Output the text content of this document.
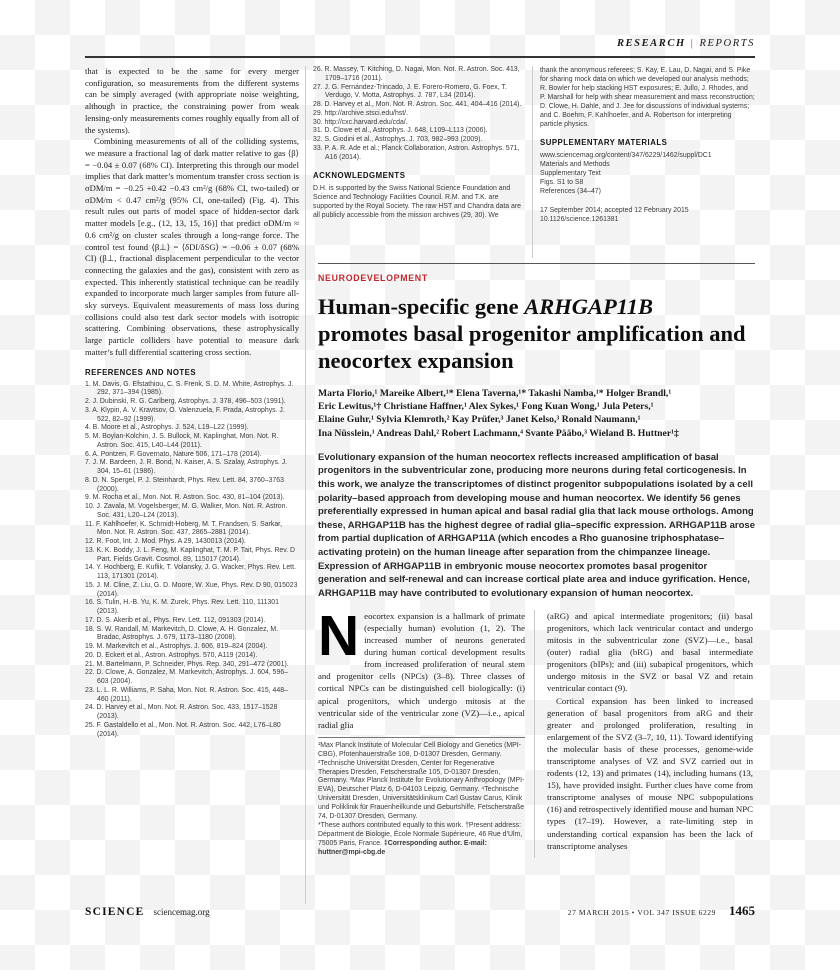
RESEARCH | REPORTS

that is expected to be the same for every merger configuration, so measurements from the different systems can be simply averaged (with appropriate noise weighting, although in practice, the constraining power from weak lensing-only measurements comes roughly equally from all of the systems).

Combining measurements of all of the colliding systems, we measure a fractional lag of dark matter relative to gas ⟨β⟩ = −0.04 ± 0.07 (68% CI). Interpreting this through our model implies that dark matter’s momentum transfer cross section is σDM/m = −0.25 +0.42 −0.43 cm²/g (68% CI, two-tailed) or σDM/m < 0.47 cm²/g (95% CI, one-tailed) (Fig. 4). This result rules out parts of model space of hidden-sector dark matter models [e.g., (12, 13, 15, 16)] that predict σDM/m ≈ 0.6 cm²/g on cluster scales through a long-range force. The control test found ⟨β⊥⟩ = ⟨δDI/δSG⟩ = −0.06 ± 0.07 (68% CI) (β⊥, fractional displacement perpendicular to the vector connecting the galaxies and the gas), consistent with zero as expected. This inherently statistical technique can be readily expanded to incorporate much larger samples from future all-sky surveys. Equivalent measurements of mass loss during collisions could also test dark sector models with isotropic scattering. Combining observations, these astrophysically large particle colliders have potential to measure dark matter’s full differential scattering cross section.

REFERENCES AND NOTES
1. M. Davis, G. Efstathiou, C. S. Frenk, S. D. M. White, Astrophys. J. 292, 371–394 (1985).
2. J. Dubinski, R. G. Carlberg, Astrophys. J. 378, 496–503 (1991).
3. A. Klypin, A. V. Kravtsov, O. Valenzuela, F. Prada, Astrophys. J. 522, 82–92 (1999).
4. B. Moore et al., Astrophys. J. 524, L19–L22 (1999).
5. M. Boylan-Kolchin, J. S. Bullock, M. Kaplinghat, Mon. Not. R. Astron. Soc. 415, L40–L44 (2011).
6. A. Pontzen, F. Governato, Nature 506, 171–178 (2014).
7. J. M. Bardeen, J. R. Bond, N. Kaiser, A. S. Szalay, Astrophys. J. 304, 15–61 (1986).
8. D. N. Spergel, P. J. Steinhardt, Phys. Rev. Lett. 84, 3760–3763 (2000).
9. M. Rocha et al., Mon. Not. R. Astron. Soc. 430, 81–104 (2013).
10. J. Zavala, M. Vogelsberger, M. G. Walker, Mon. Not. R. Astron. Soc. 431, L20–L24 (2013).
11. F. Kahlhoefer, K. Schmidt-Hoberg, M. T. Frandsen, S. Sarkar, Mon. Not. R. Astron. Soc. 437, 2865–2881 (2014).
12. R. Foot, Int. J. Mod. Phys. A 29, 1430013 (2014).
13. K. K. Boddy, J. L. Feng, M. Kaplinghat, T. M. P. Tait, Phys. Rev. D Part. Fields Gravit. Cosmol. 89, 115017 (2014).
14. Y. Hochberg, E. Kuflik, T. Volansky, J. G. Wacker, Phys. Rev. Lett. 113, 171301 (2014).
15. J. M. Cline, Z. Liu, G. D. Moore, W. Xue, Phys. Rev. D 90, 015023 (2014).
16. S. Tulin, H.-B. Yu, K. M. Zurek, Phys. Rev. Lett. 110, 111301 (2013).
17. D. S. Akerib et al., Phys. Rev. Lett. 112, 091303 (2014).
18. S. W. Randall, M. Markevitch, D. Clowe, A. H. Gonzalez, M. Bradac, Astrophys. J. 679, 1173–1180 (2008).
19. M. Markevitch et al., Astrophys. J. 606, 819–824 (2004).
20. D. Eckert et al., Astron. Astrophys. 570, A119 (2014).
21. M. Bartelmann, P. Schneider, Phys. Rep. 340, 291–472 (2001).
22. D. Clowe, A. Gonzalez, M. Markevitch, Astrophys. J. 604, 596–603 (2004).
23. L. L. R. Williams, P. Saha, Mon. Not. R. Astron. Soc. 415, 448–460 (2011).
24. D. Harvey et al., Mon. Not. R. Astron. Soc. 433, 1517–1528 (2013).
25. F. Gastaldello et al., Mon. Not. R. Astron. Soc. 442, L76–L80 (2014).
26. R. Massey, T. Kitching, D. Nagai, Mon. Not. R. Astron. Soc. 413, 1709–1716 (2011).
27. J. G. Fernández-Trincado, J. E. Forero-Romero, G. Foex, T. Verdugo, V. Motta, Astrophys. J. 787, L34 (2014).
28. D. Harvey et al., Mon. Not. R. Astron. Soc. 441, 404–416 (2014).
29. http://archive.stsci.edu/hst/.
30. http://cxc.harvard.edu/cda/.
31. D. Clowe et al., Astrophys. J. 648, L109–L113 (2006).
32. S. Giodini et al., Astrophys. J. 703, 982–993 (2009).
33. P. A. R. Ade et al.; Planck Collaboration, Astron. Astrophys. 571, A16 (2014).
ACKNOWLEDGMENTS

D.H. is supported by the Swiss National Science Foundation and Science and Technology Facilities Council. R.M. and T.K. are supported by the Royal Society. The raw HST and Chandra data are all publicly accessible from the mission archives (29, 30). We

thank the anonymous referees; S. Kay, E. Lau, D. Nagai, and S. Pike for sharing mock data on which we developed our analysis methods; R. Bowler for help stacking HST exposures; E. Jullo, J. Rhodes, and P. Marshall for help with shear measurement and mass reconstruction; D. Clowe, H. Dahle, and J. Jee for discussions of individual systems; and C. Boehm, F. Kahlhoefer, and A. Robertson for interpreting particle physics.

SUPPLEMENTARY MATERIALS
www.sciencemag.org/content/347/6229/1462/suppl/DC1
Materials and Methods
Supplementary Text
Figs. S1 to S8
References (34–47)
17 September 2014; accepted 12 February 2015
10.1126/science.1261381
NEURODEVELOPMENT
Human-specific gene ARHGAP11B
promotes basal progenitor amplification and neocortex expansion
Marta Florio,¹ Mareike Albert,¹* Elena Taverna,¹* Takashi Namba,¹* Holger Brandl,¹
Eric Lewitus,¹† Christiane Haffner,¹ Alex Sykes,¹ Fong Kuan Wong,¹ Jula Peters,¹
Elaine Guhr,¹ Sylvia Klemroth,² Kay Prüfer,³ Janet Kelso,³ Ronald Naumann,¹
Ina Nüsslein,¹ Andreas Dahl,² Robert Lachmann,⁴ Svante Pääbo,³ Wieland B. Huttner¹‡

Evolutionary expansion of the human neocortex reflects increased amplification of basal progenitors in the subventricular zone, producing more neurons during fetal corticogenesis. In this work, we analyze the transcriptomes of distinct progenitor subpopulations isolated by a cell polarity–based approach from developing mouse and human neocortex. We identify 56 genes preferentially expressed in human apical and basal radial glia that lack mouse orthologs. Among these, ARHGAP11B has the highest degree of radial glia–specific expression. ARHGAP11B arose from partial duplication of ARHGAP11A (which encodes a Rho guanosine triphosphatase–activating protein) on the human lineage after separation from the chimpanzee lineage. Expression of ARHGAP11B in embryonic mouse neocortex promotes basal progenitor generation and self-renewal and can increase cortical plate area and induce gyrification. Hence, ARHGAP11B may have contributed to evolutionary expansion of human neocortex.

Neocortex expansion is a hallmark of primate (especially human) evolution (1, 2). The increased number of neurons generated during human cortical development results from increased proliferation of neural stem and progenitor cells (NPCs) (3–8). Three classes of cortical NPCs can be distinguished cell biologically: (i) apical progenitors, which undergo mitosis at the ventricular side of the ventricular zone (VZ)—i.e., apical radial glia

¹Max Planck Institute of Molecular Cell Biology and Genetics (MPI-CBG), Pfotenhauerstraße 108, D-01307 Dresden, Germany. ²Technische Universität Dresden, Center for Regenerative Therapies Dresden, Fetscherstraße 105, D-01307 Dresden, Germany. ³Max Planck Institute for Evolutionary Anthropology (MPI-EVA), Deutscher Platz 6, D-04103 Leipzig, Germany. ⁴Technische Universität Dresden, Universitätsklinikum Carl Gustav Carus, Klinik und Poliklinik für Frauenheilkunde und Geburtshilfe, Fetscherstraße 74, D-01307 Dresden, Germany.
*These authors contributed equally to this work. †Present address: Départment de Biologie, École Normale Supérieure, 46 Rue d’Ulm, 75005 Paris, France. ‡Corresponding author. E-mail: huttner@mpi-cbg.de

(aRG) and apical intermediate progenitors; (ii) basal progenitors, which lack ventricular contact and undergo mitosis in the subventricular zone (SVZ)—i.e., basal (outer) radial glia (bRG) and basal intermediate progenitors (bIPs); and (iii) subapical progenitors, which undergo mitosis in the SVZ or basal VZ and retain ventricular contact (9).

Cortical expansion has been linked to increased generation of basal progenitors from aRG and their greater and prolonged proliferation, resulting in enlargement of the SVZ (3–7, 10, 11). Toward identifying the molecular basis of these processes, genome-wide transcriptome analyses of VZ and SVZ carried out in rodents (12, 13) and primates (14), including humans (13, 15), have provided insight. Further clues have come from transcriptome analyses of mouse NPC subpopulations (16) and retrospectively identified mouse and human NPC types (17–19). However, a rate-limiting step in understanding cortical expansion has been the lack of transcriptome analyses

SCIENCE sciencemag.org	27 MARCH 2015 • VOL 347 ISSUE 6229 1465
